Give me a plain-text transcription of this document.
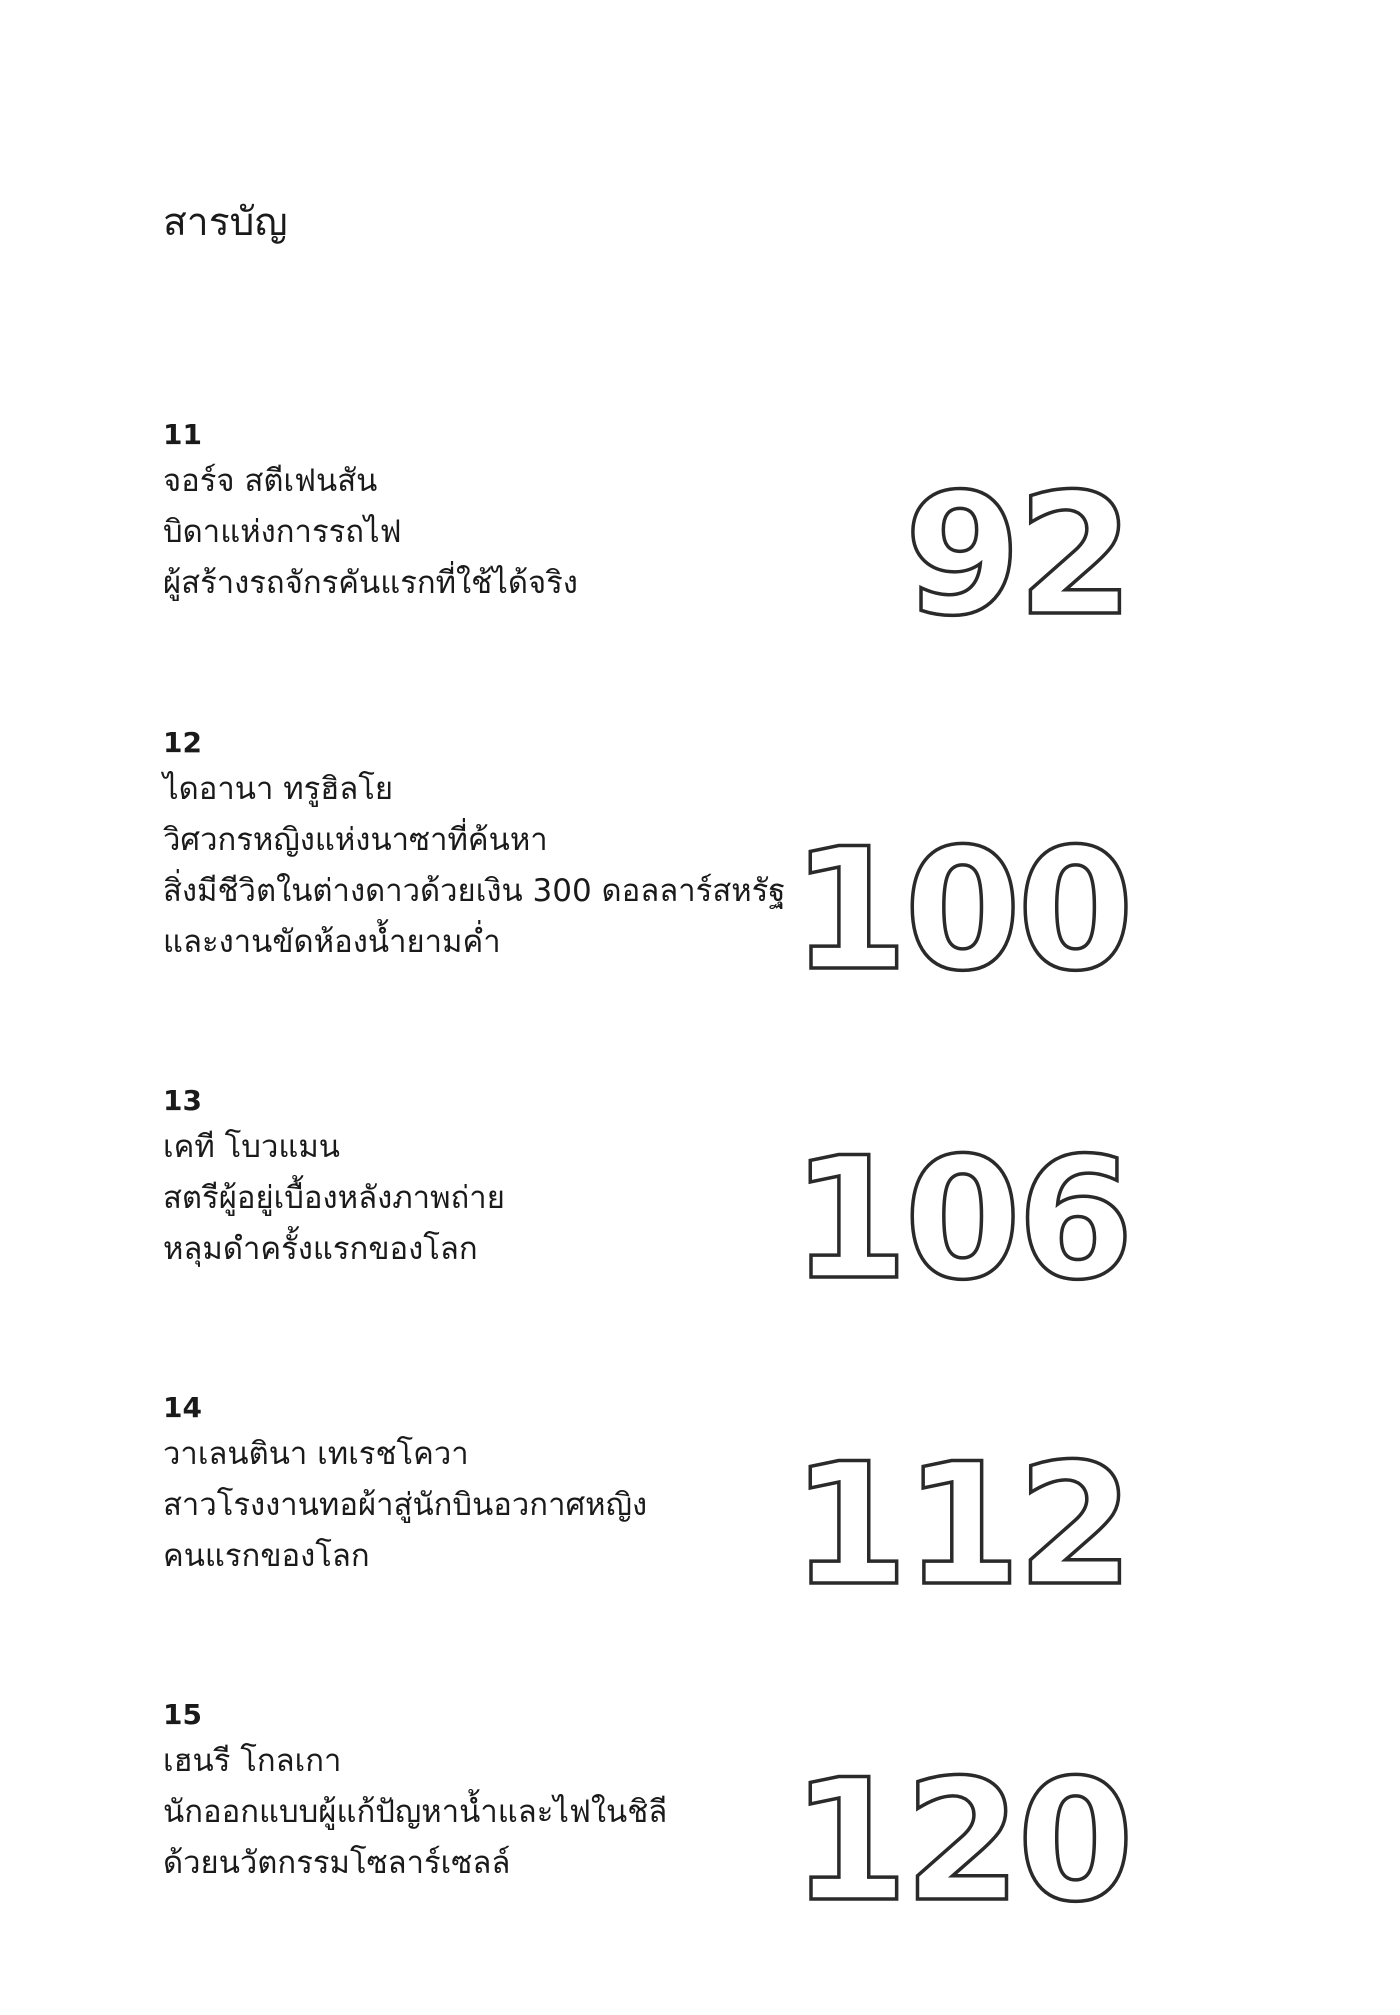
สารบัญ
11
จอร์จ สตีเฟนสัน
บิดาแห่งการรถไฟ
ผู้สร้างรถจักรคันแรกที่ใช้ได้จริง 92
12
ไดอานา ทรูฮิลโย
วิศวกรหญิงแห่งนาซาที่ค้นหา
สิ่งมีชีวิตในต่างดาวด้วยเงิน 300 ดอลลาร์สหรัฐ
และงานขัดห้องน้ำยามค่ำ 100
13
เคที โบวแมน
สตรีผู้อยู่เบื้องหลังภาพถ่าย
หลุมดำครั้งแรกของโลก 106
14
วาเลนตินา เทเรชโควา
สาวโรงงานทอผ้าสู่นักบินอวกาศหญิง
คนแรกของโลก	112
15
เฮนรี โกลเกา
นักออกแบบผู้แก้ปัญหาน้ำและไฟในชิลี
ด้วยนวัตกรรมโซลาร์เซลล์ 120
